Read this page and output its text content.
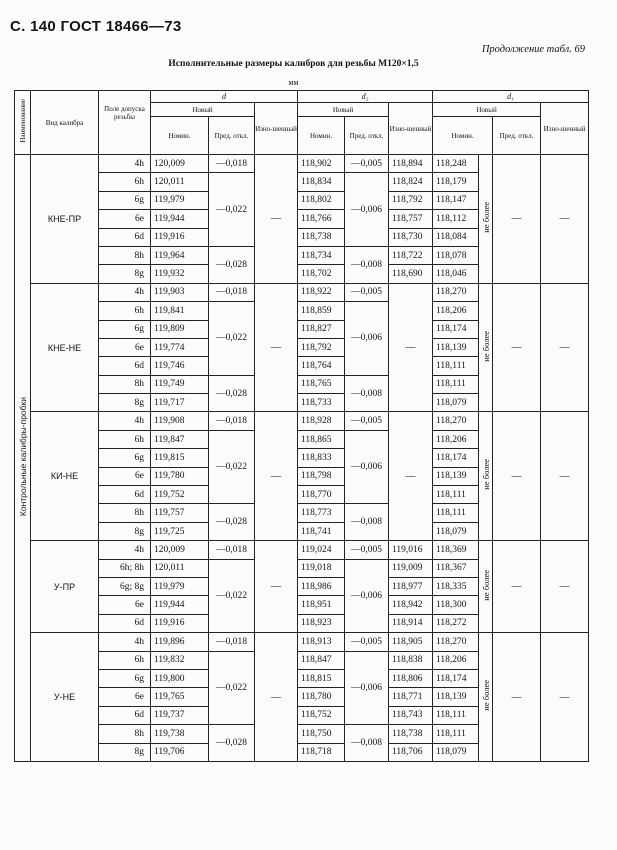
С. 140 ГОСТ 18466—73
Продолжение табл. 69
Исполнительные размеры калибров для резьбы М120×1,5
мм
Наименование	Вид калибра	Поле допуска резьбы	d			d₂			d₁			
			Новый		Изно-шенный	Новый		Изно-шенный	Новый			Изно-шенный
			Номин.	Пред. откл.		Номин.	Пред. откл.		Номин.		Пред. откл.	
Контрольные калибры-пробки	КНЕ-ПР	4h	120,009	—0,018	—	118,902	—0,005	118,894	118,248	не более	—	—
		6h	120,011	—0,022		118,834	—0,006	118,824	118,179			
		6g	119,979			118,802		118,792	118,147			
		6e	119,944			118,766		118,757	118,112			
		6d	119,916			118,738		118,730	118,084			
		8h	119,964	—0,028		118,734	—0,008	118,722	118,078			
		8g	119,932			118,702		118,690	118,046			
	КНЕ-НЕ	4h	119,903	—0,018	—	118,922	—0,005	—	118,270	не более	—	—
		6h	119,841	—0,022		118,859	—0,006		118,206			
		6g	119,809			118,827			118,174			
		6e	119,774			118,792			118,139			
		6d	119,746			118,764			118,111			
		8h	119,749	—0,028		118,765	—0,008		118,111			
		8g	119,717			118,733			118,079			
	КИ-НЕ	4h	119,908	—0,018	—	118,928	—0,005	—	118,270	не более	—	—
		6h	119,847	—0,022		118,865	—0,006		118,206			
		6g	119,815			118,833			118,174			
		6e	119,780			118,798			118,139			
		6d	119,752			118,770			118,111			
		8h	119,757	—0,028		118,773	—0,008		118,111			
		8g	119,725			118,741			118,079			
	У-ПР	4h	120,009	—0,018	—	119,024	—0,005	119,016	118,369	не более	—	—
		6h; 8h	120,011	—0,022		119,018	—0,006	119,009	118,367			
		6g; 8g	119,979			118,986		118,977	118,335			
		6e	119,944			118,951		118,942	118,300			
		6d	119,916			118,923		118,914	118,272			
	У-НЕ	4h	119,896	—0,018	—	118,913	—0,005	118,905	118,270	не более	—	—
		6h	119,832	—0,022		118,847	—0,006	118,838	118,206			
		6g	119,800			118,815		118,806	118,174			
		6e	119,765			118,780		118,771	118,139			
		6d	119,737			118,752		118,743	118,111			
		8h	119,738	—0,028		118,750	—0,008	118,738	118,111			
		8g	119,706			118,718		118,706	118,079			
